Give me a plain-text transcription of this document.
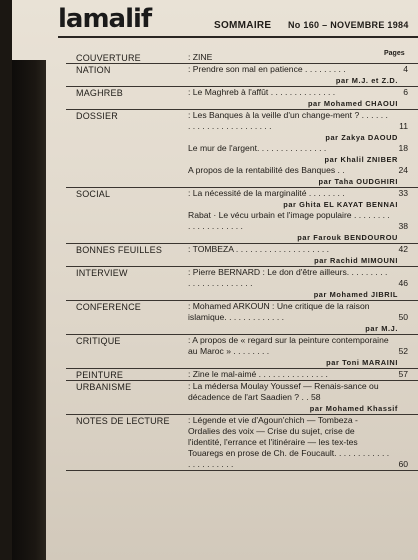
lamalif	SOMMAIRE No 160 – NOVEMBRE 1984
Pages
COUVERTURE	: ZINE
NATION	: Prendre son mal en patience . . . . . . . . .	4
par M.J. et Z.D.
MAGHREB	: Le Maghreb à l'affût . . . . . . . . . . . . . .	6
par Mohamed CHAOUI
DOSSIER	: Les Banques à la veille d'un change-ment ? . . . . . . . . . . . . . . . . . . . . . . . .	11
par Zakya DAOUD
Le mur de l'argent. . . . . . . . . . . . . . .	18
par Khalil ZNIBER
A propos de la rentabilité des Banques . .	24
par Taha OUDGHIRI
SOCIAL	: La nécessité de la marginalité . . . . . . . .	33
par Ghita EL KAYAT BENNAI
Rabat · Le vécu urbain et l'image populaire . . . . . . . . . . . . . . . . . . . .	38
par Farouk BENDOUROU
BONNES FEUILLES	: TOMBEZA . . . . . . . . . . . . . . . . . . . .	42
par Rachid MIMOUNI
INTERVIEW	: Pierre BERNARD : Le don d'être ailleurs. . . . . . . . . . . . . . . . . . . . . . .	46
par Mohamed JIBRIL
CONFERENCE	: Mohamed ARKOUN : Une critique de la raison islamique. . . . . . . . . . . . .	50
par M.J.
CRITIQUE	: A propos de « regard sur la peinture contemporaine au Maroc » . . . . . . . .	52
par Toni MARAINI
PEINTURE	: Zine le mal-aimé . . . . . . . . . . . . . . .	57
URBANISME	: La médersa Moulay Youssef — Renais-sance ou décadence de l'art Saadien ? . . 58
par Mohamed Khassif
NOTES DE LECTURE	: Légende et vie d'Agoun'chich — Tombeza - Ordalies des voix — Crise du sujet, crise de l'identité, l'errance et l'itinéraire — les tex-tes Touaregs en prose de Ch. de Foucault. . . . . . . . . . . . . . . . . . . . . .	60
